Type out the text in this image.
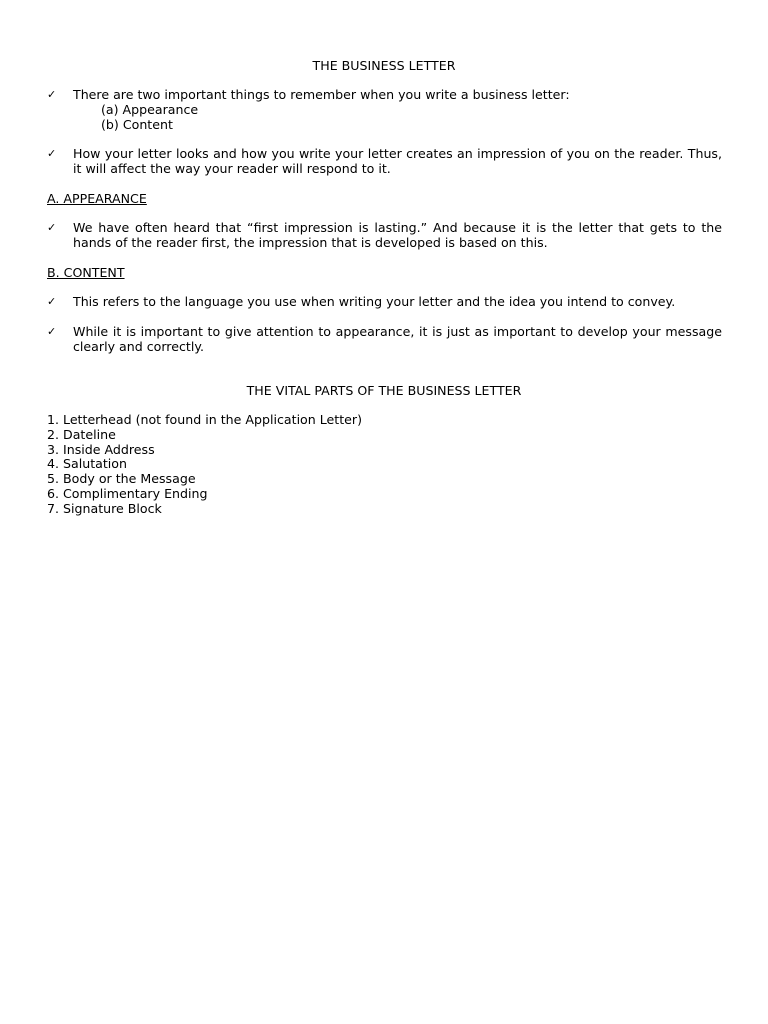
THE BUSINESS LETTER
✓ There are two important things to remember when you write a business letter:
(a) Appearance
(b) Content
✓ How your letter looks and how you write your letter creates an impression of you on the reader. Thus, it will affect the way your reader will respond to it.
A. APPEARANCE
✓ We have often heard that “first impression is lasting.” And because it is the letter that gets to the hands of the reader first, the impression that is developed is based on this.
B. CONTENT
✓ This refers to the language you use when writing your letter and the idea you intend to convey.
✓ While it is important to give attention to appearance, it is just as important to develop your message clearly and correctly.
THE VITAL PARTS OF THE BUSINESS LETTER
1. Letterhead (not found in the Application Letter)
2. Dateline
3. Inside Address
4. Salutation
5. Body or the Message
6. Complimentary Ending
7. Signature Block
